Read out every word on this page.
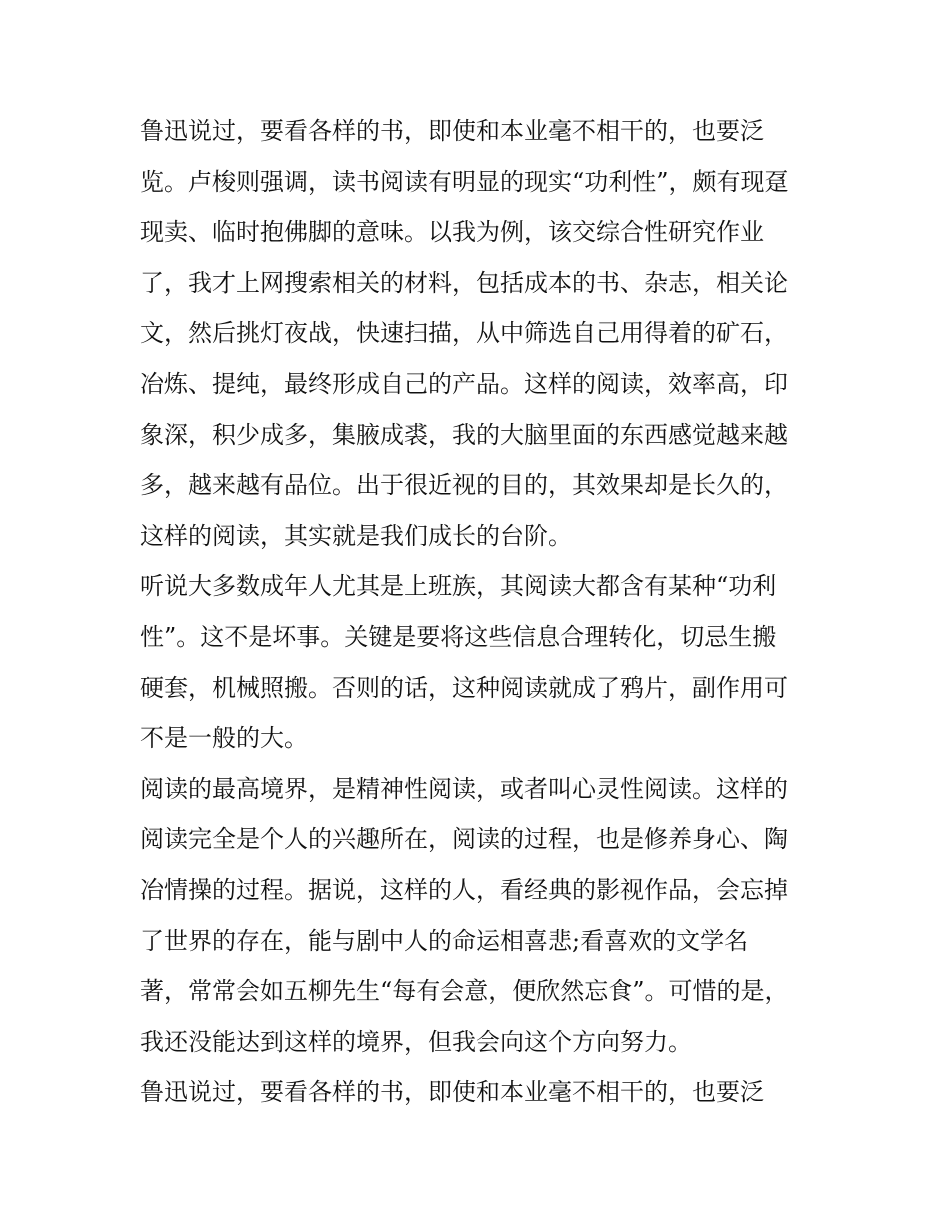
鲁迅说过，要看各样的书，即使和本业毫不相干的，也要泛
览。卢梭则强调，读书阅读有明显的现实“功利性”，颇有现趸
现卖、临时抱佛脚的意味。以我为例，该交综合性研究作业
了，我才上网搜索相关的材料，包括成本的书、杂志，相关论
文，然后挑灯夜战，快速扫描，从中筛选自己用得着的矿石，
冶炼、提纯，最终形成自己的产品。这样的阅读，效率高，印
象深，积少成多，集腋成裘，我的大脑里面的东西感觉越来越
多，越来越有品位。出于很近视的目的，其效果却是长久的，
这样的阅读，其实就是我们成长的台阶。
听说大多数成年人尤其是上班族，其阅读大都含有某种“功利
性”。这不是坏事。关键是要将这些信息合理转化，切忌生搬
硬套，机械照搬。否则的话，这种阅读就成了鸦片，副作用可
不是一般的大。
阅读的最高境界，是精神性阅读，或者叫心灵性阅读。这样的
阅读完全是个人的兴趣所在，阅读的过程，也是修养身心、陶
冶情操的过程。据说，这样的人，看经典的影视作品，会忘掉
了世界的存在，能与剧中人的命运相喜悲;看喜欢的文学名
著，常常会如五柳先生“每有会意，便欣然忘食”。可惜的是，
我还没能达到这样的境界，但我会向这个方向努力。
鲁迅说过，要看各样的书，即使和本业毫不相干的，也要泛
